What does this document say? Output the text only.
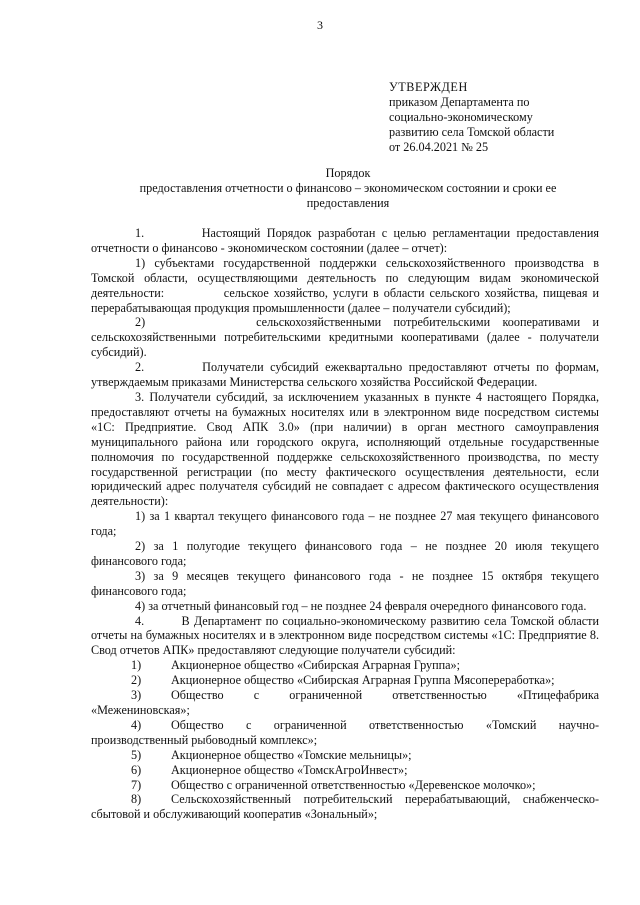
3
УТВЕРЖДЕН
приказом Департамента по
социально-экономическому
развитию села Томской области
от 26.04.2021 № 25
Порядок
предоставления отчетности о финансово – экономическом состоянии и сроки ее
предоставления

1.         Настоящий Порядок разработан с целью регламентации предоставления отчетности о финансово - экономическом состоянии (далее – отчет):

1) субъектами государственной поддержки сельскохозяйственного производства в Томской области, осуществляющими деятельность по следующим видам экономической деятельности:            сельское хозяйство, услуги в области сельского хозяйства, пищевая и перерабатывающая продукция промышленности (далее – получатели субсидий);

2)         сельскохозяйственными потребительскими кооперативами и сельскохозяйственными потребительскими кредитными кооперативами (далее - получатели субсидий).

2.         Получатели субсидий ежеквартально предоставляют отчеты по формам, утверждаемым приказами Министерства сельского хозяйства Российской Федерации.

3. Получатели субсидий, за исключением указанных в пункте 4 настоящего Порядка, предоставляют отчеты на бумажных носителях или в электронном виде посредством системы «1С: Предприятие. Свод АПК 3.0» (при наличии) в орган местного самоуправления муниципального района или городского округа, исполняющий отдельные государственные полномочия по государственной поддержке сельскохозяйственного производства, по месту государственной регистрации (по месту фактического осуществления деятельности, если юридический адрес получателя субсидий не совпадает с адресом фактического осуществления деятельности):

1) за 1 квартал текущего финансового года – не позднее 27 мая текущего финансового года;

2) за 1 полугодие текущего финансового года – не позднее 20 июля текущего финансового года;

3) за 9 месяцев текущего финансового года - не позднее 15 октября текущего финансового года;

4) за отчетный финансовый год – не позднее 24 февраля очередного финансового года.

4.         В Департамент по социально-экономическому развитию села Томской области отчеты на бумажных носителях и в электронном виде посредством системы «1С: Предприятие 8. Свод отчетов АПК» предоставляют следующие получатели субсидий:

1)	Акционерное общество «Сибирская Аграрная Группа»;
2)	Акционерное общество «Сибирская Аграрная Группа Мясопереработка»;
3)	Общество с ограниченной ответственностью «Птицефабрика

«Межениновская»;

4)	Общество с ограниченной ответственностью «Томский научно-

производственный рыбоводный комплекс»;

5)	Акционерное общество «Томские мельницы»;
6)	Акционерное общество «ТомскАгроИнвест»;
7)	Общество с ограниченной ответственностью «Деревенское молочко»;
8)	Сельскохозяйственный потребительский перерабатывающий, снабженческо-

сбытовой и обслуживающий кооператив «Зональный»;
